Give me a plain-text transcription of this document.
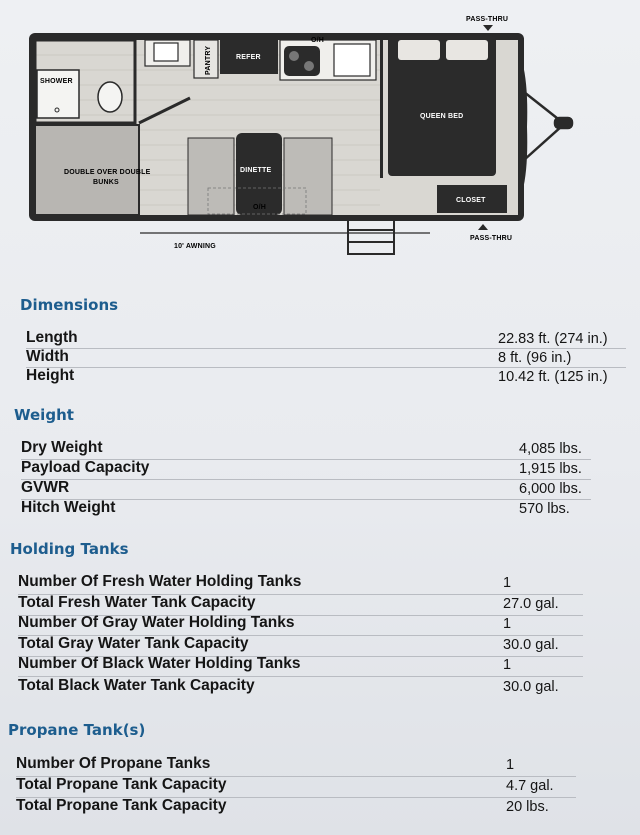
SHOWER
DOUBLE OVER DOUBLE
BUNKS
PANTRY	REFER
O/H
DINETTE
O/H
QUEEN BED
CLOSET
PASS-THRU
PASS-THRU
10' AWNING
Dimensions
Length	22.83 ft. (274 in.)
Width	8 ft. (96 in.)
Height	10.42 ft. (125 in.)
Weight
Dry Weight	4,085 lbs.
Payload Capacity	1,915 lbs.
GVWR	6,000 lbs.
Hitch Weight	570 lbs.
Holding Tanks
Number Of Fresh Water Holding Tanks	1
Total Fresh Water Tank Capacity	27.0 gal.
Number Of Gray Water Holding Tanks	1
Total Gray Water Tank Capacity	30.0 gal.
Number Of Black Water Holding Tanks	1
Total Black Water Tank Capacity	30.0 gal.
Propane Tank(s)
Number Of Propane Tanks	1
Total Propane Tank Capacity	4.7 gal.
Total Propane Tank Capacity	20 lbs.
